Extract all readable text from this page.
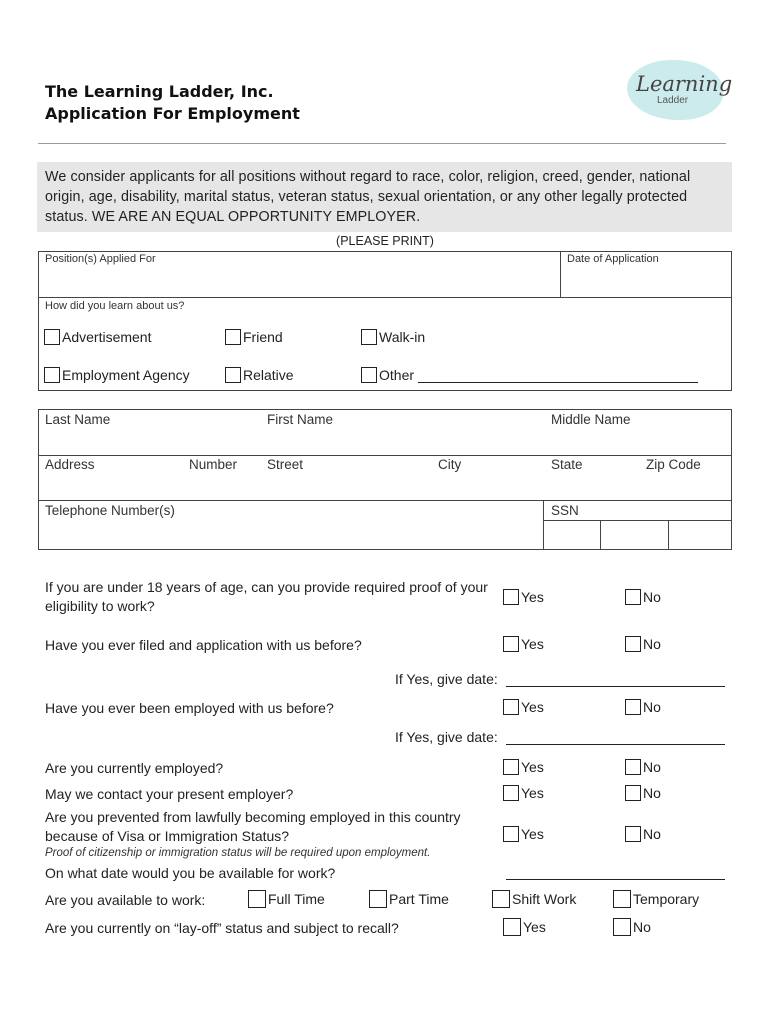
The Learning Ladder, Inc.
Application For Employment
Learning
Ladder

We consider applicants for all positions without regard to race, color, religion, creed, gender, national origin, age, disability, marital status, veteran status, sexual orientation, or any other legally protected status. WE ARE AN EQUAL OPPORTUNITY EMPLOYER.

(PLEASE PRINT)
Position(s) Applied For	Date of Application
How did you learn about us?
Advertisement	Friend	Walk-in
Employment Agency	Relative	Other
Last Name	First Name	Middle Name
Address	Number Street	City	State	Zip Code
Telephone Number(s)	SSN
If you are under 18 years of age, can you provide required proof of your eligibility to work?
Yes	No
Have you ever filed and application with us before?	Yes	No
If Yes, give date:
Have you ever been employed with us before?	Yes	No
If Yes, give date:
Are you currently employed?	Yes	No
May we contact your present employer?	Yes	No
Are you prevented from lawfully becoming employed in this country because of Visa or Immigration Status?	Yes	No
Proof of citizenship or immigration status will be required upon employment.
On what date would you be available for work?
Are you available to work:	Full Time	Part Time	Shift Work	Temporary
Are you currently on “lay-off” status and subject to recall?	Yes	No
